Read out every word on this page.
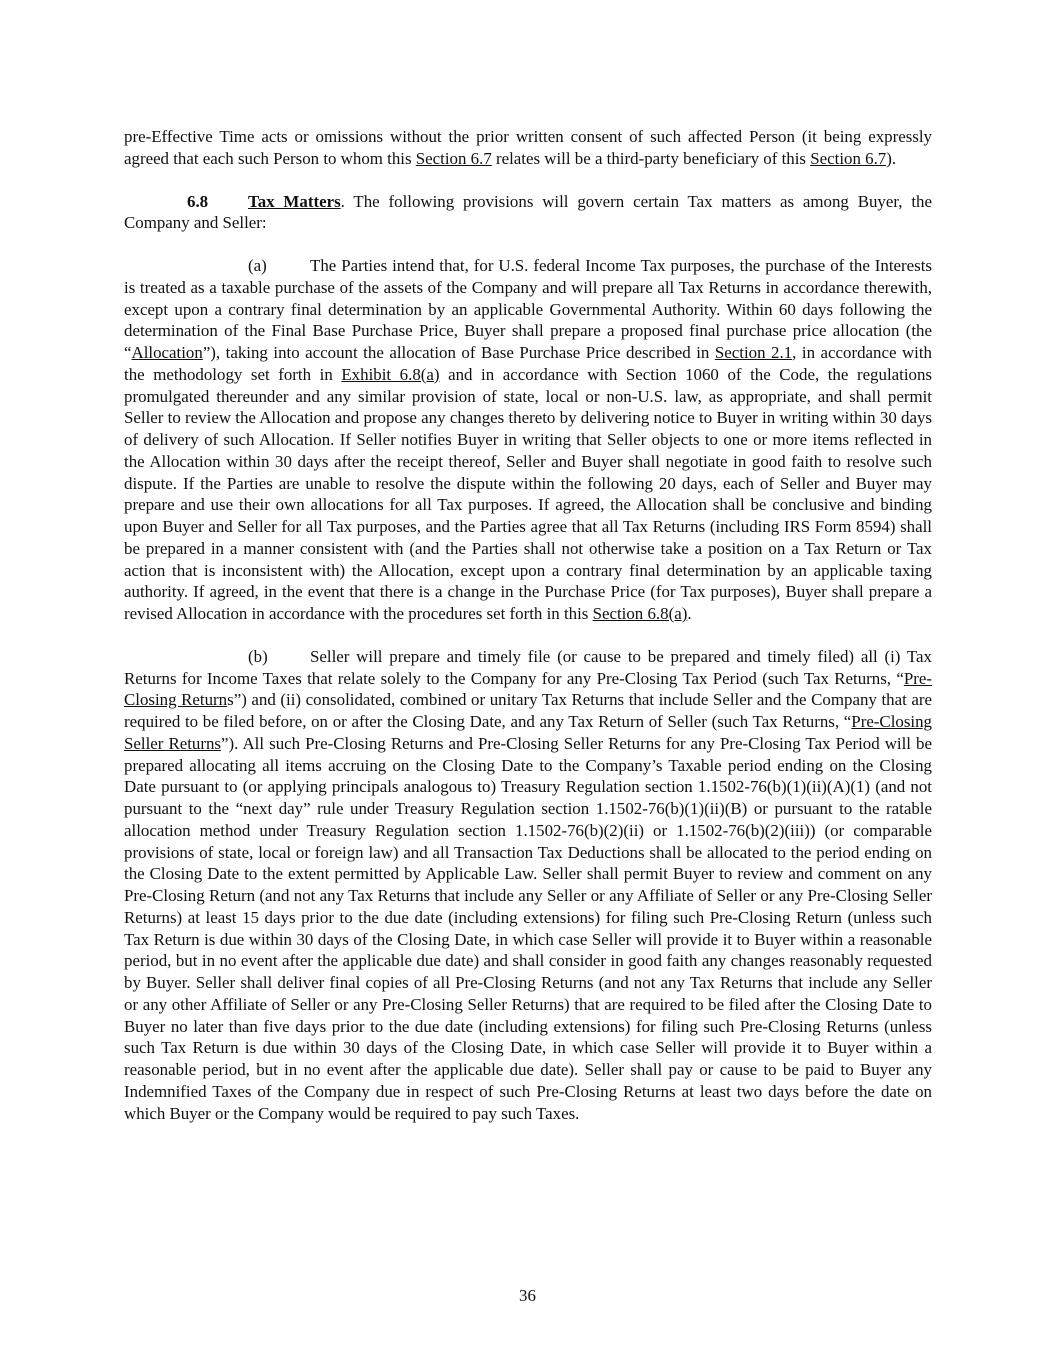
pre-Effective Time acts or omissions without the prior written consent of such affected Person (it being expressly agreed that each such Person to whom this Section 6.7 relates will be a third-party beneficiary of this Section 6.7).

6.8 Tax Matters. The following provisions will govern certain Tax matters as among Buyer, the Company and Seller:

(a)	The Parties intend that, for U.S. federal Income Tax purposes, the purchase of the Interests is treated as a taxable purchase of the assets of the Company and will prepare all Tax Returns in accordance therewith, except upon a contrary final determination by an applicable Governmental Authority. Within 60 days following the determination of the Final Base Purchase Price, Buyer shall prepare a proposed final purchase price allocation (the “Allocation”), taking into account the allocation of Base Purchase Price described in Section 2.1, in accordance with the methodology set forth in Exhibit 6.8(a) and in accordance with Section 1060 of the Code, the regulations promulgated thereunder and any similar provision of state, local or non-U.S. law, as appropriate, and shall permit Seller to review the Allocation and propose any changes thereto by delivering notice to Buyer in writing within 30 days of delivery of such Allocation. If Seller notifies Buyer in writing that Seller objects to one or more items reflected in the Allocation within 30 days after the receipt thereof, Seller and Buyer shall negotiate in good faith to resolve such dispute. If the Parties are unable to resolve the dispute within the following 20 days, each of Seller and Buyer may prepare and use their own allocations for all Tax purposes. If agreed, the Allocation shall be conclusive and binding upon Buyer and Seller for all Tax purposes, and the Parties agree that all Tax Returns (including IRS Form 8594) shall be prepared in a manner consistent with (and the Parties shall not otherwise take a position on a Tax Return or Tax action that is inconsistent with) the Allocation, except upon a contrary final determination by an applicable taxing authority. If agreed, in the event that there is a change in the Purchase Price (for Tax purposes), Buyer shall prepare a revised Allocation in accordance with the procedures set forth in this Section 6.8(a).

(b)	Seller will prepare and timely file (or cause to be prepared and timely filed) all (i) Tax Returns for Income Taxes that relate solely to the Company for any Pre-Closing Tax Period (such Tax Returns, “Pre-Closing Returns”) and (ii) consolidated, combined or unitary Tax Returns that include Seller and the Company that are required to be filed before, on or after the Closing Date, and any Tax Return of Seller (such Tax Returns, “Pre-Closing Seller Returns”). All such Pre-Closing Returns and Pre-Closing Seller Returns for any Pre-Closing Tax Period will be prepared allocating all items accruing on the Closing Date to the Company’s Taxable period ending on the Closing Date pursuant to (or applying principals analogous to) Treasury Regulation section 1.1502-76(b)(1)(ii)(A)(1) (and not pursuant to the “next day” rule under Treasury Regulation section 1.1502-76(b)(1)(ii)(B) or pursuant to the ratable allocation method under Treasury Regulation section 1.1502-76(b)(2)(ii) or 1.1502-76(b)(2)(iii)) (or comparable provisions of state, local or foreign law) and all Transaction Tax Deductions shall be allocated to the period ending on the Closing Date to the extent permitted by Applicable Law. Seller shall permit Buyer to review and comment on any Pre-Closing Return (and not any Tax Returns that include any Seller or any Affiliate of Seller or any Pre-Closing Seller Returns) at least 15 days prior to the due date (including extensions) for filing such Pre-Closing Return (unless such Tax Return is due within 30 days of the Closing Date, in which case Seller will provide it to Buyer within a reasonable period, but in no event after the applicable due date) and shall consider in good faith any changes reasonably requested by Buyer. Seller shall deliver final copies of all Pre-Closing Returns (and not any Tax Returns that include any Seller or any other Affiliate of Seller or any Pre-Closing Seller Returns) that are required to be filed after the Closing Date to Buyer no later than five days prior to the due date (including extensions) for filing such Pre-Closing Returns (unless such Tax Return is due within 30 days of the Closing Date, in which case Seller will provide it to Buyer within a reasonable period, but in no event after the applicable due date). Seller shall pay or cause to be paid to Buyer any Indemnified Taxes of the Company due in respect of such Pre-Closing Returns at least two days before the date on which Buyer or the Company would be required to pay such Taxes.

36
